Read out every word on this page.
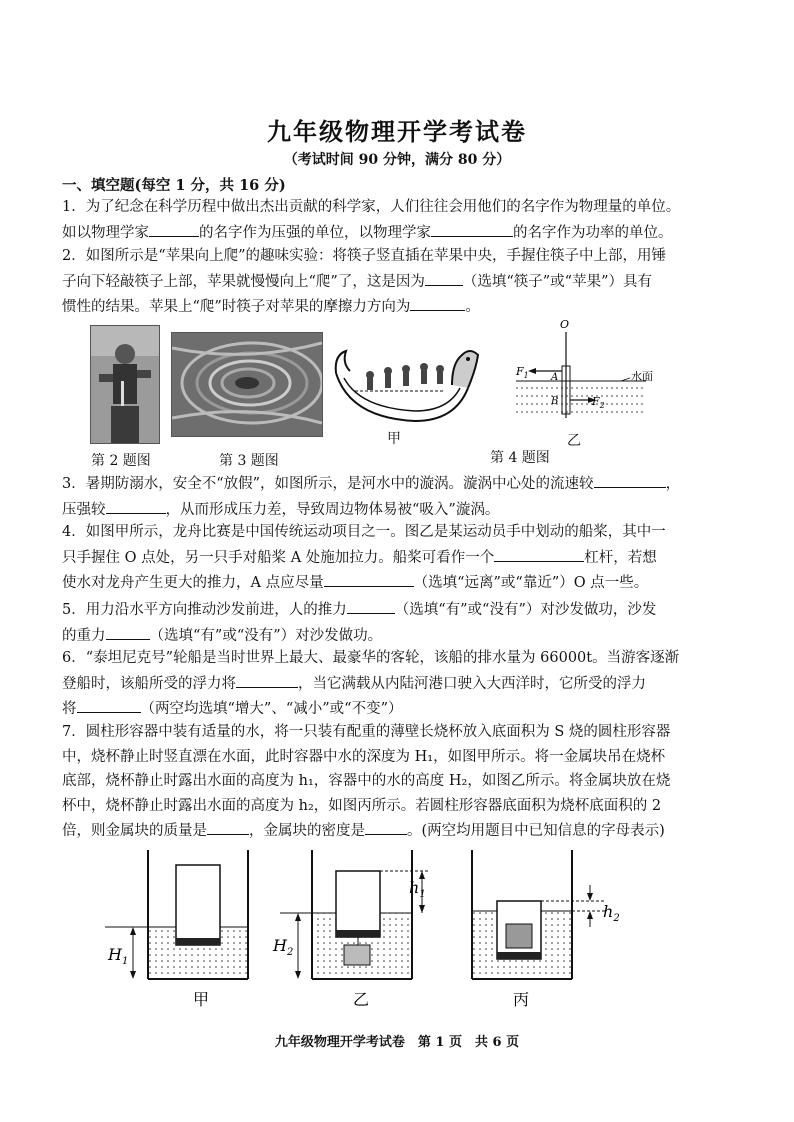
九年级物理开学考试卷
（考试时间 90 分钟，满分 80 分）
一、填空题(每空 1 分，共 16 分)
1．为了纪念在科学历程中做出杰出贡献的科学家，人们往往会用他们的名字作为物理量的单位。
如以物理学家	的名字作为压强的单位，以物理学家	的名字作为功率的单位。
2．如图所示是“苹果向上爬”的趣味实验：将筷子竖直插在苹果中央，手握住筷子中上部，用锤
子向下轻敲筷子上部，苹果就慢慢向上“爬”了，这是因为	（选填“筷子”或“苹果”）具有
惯性的结果。苹果上“爬”时筷子对苹果的摩擦力方向为	。
O
$F_1$ A
B	$F_2$
水面
第 2 题图	第 3 题图
甲
第 4 题图
乙
3．暑期防溺水，安全不“放假”，如图所示，是河水中的漩涡。漩涡中心处的流速较	，
压强较	，从而形成压力差，导致周边物体易被“吸入”漩涡。
4．如图甲所示，龙舟比赛是中国传统运动项目之一。图乙是某运动员手中划动的船桨，其中一
只手握住 O 点处，另一只手对船桨 A 处施加拉力。船桨可看作一个	杠杆，若想
使水对龙舟产生更大的推力，A 点应尽量	（选填“远离”或“靠近”）O 点一些。
5．用力沿水平方向推动沙发前进，人的推力	（选填“有”或“没有”）对沙发做功，沙发
的重力	（选填“有”或“没有”）对沙发做功。
6．“泰坦尼克号”轮船是当时世界上最大、最豪华的客轮，该船的排水量为 66000t。当游客逐渐
登船时，该船所受的浮力将	，当它满载从内陆河港口驶入大西洋时，它所受的浮力
将	（两空均选填“增大”、“减小”或“不变”）
7．圆柱形容器中装有适量的水，将一只装有配重的薄壁长烧杯放入底面积为 S 烧的圆柱形容器
中，烧杯静止时竖直漂在水面，此时容器中水的深度为 H₁，如图甲所示。将一金属块吊在烧杯
底部，烧杯静止时露出水面的高度为 h₁，容器中的水的高度 H₂，如图乙所示。将金属块放在烧
杯中，烧杯静止时露出水面的高度为 h₂，如图丙所示。若圆柱形容器底面积为烧杯底面积的 2
倍，则金属块的质量是	，金属块的密度是	。(两空均用题目中已知信息的字母表示)
$H_1$
甲
$H_2$
$h_1$
乙
$h_2$
丙
九年级物理开学考试卷　第 1 页　共 6 页
